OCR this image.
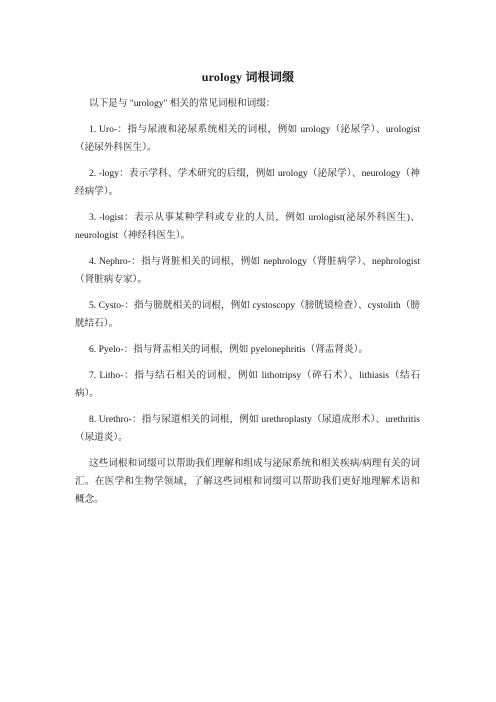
urology 词根词缀

以下是与 "urology" 相关的常见词根和词缀：

1. Uro-：指与尿液和泌尿系统相关的词根，例如 urology（泌尿学）、urologist（泌尿外科医生）。

2. -logy：表示学科、学术研究的后缀，例如 urology（泌尿学）、neurology（神经病学）。

3. -logist：表示从事某种学科或专业的人员，例如 urologist(泌尿外科医生)、neurologist（神经科医生）。

4. Nephro-：指与肾脏相关的词根，例如 nephrology（肾脏病学）、nephrologist（肾脏病专家）。

5. Cysto-：指与膀胱相关的词根，例如 cystoscopy（膀胱镜检查）、cystolith（膀胱结石）。

6. Pyelo-：指与肾盂相关的词根，例如 pyelonephritis（肾盂肾炎）。

7. Litho-：指与结石相关的词根，例如 lithotripsy（碎石术）、lithiasis（结石病）。

8. Urethro-：指与尿道相关的词根，例如 urethroplasty（尿道成形术）、urethritis（尿道炎）。

这些词根和词缀可以帮助我们理解和组成与泌尿系统和相关疾病/病理有关的词汇。在医学和生物学领域，了解这些词根和词缀可以帮助我们更好地理解术语和概念。
